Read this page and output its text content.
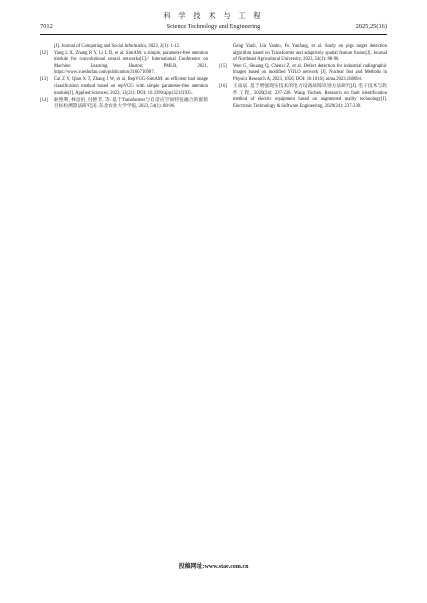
科 学 技 术 与 工 程
7012	Science Technology and Engineering	2025,25(16)
[J]. Journal of Computing and Social Informatics, 2023, 2(1): 1-12.
[12] Yang L X, Zhang R Y, Li L D, et al. SimAM: a simple, parameter-free attention module for convolutional neural networks[C]// International Conference on Machine Learning. Huston: PMLR, 2021, https://www.xueshufan.com/publication/3166716987.
[13] Cai Z Y, Qiao X T, Zhang J W, et al. RepVGG-SimAM: an efficient bad image classification method based on repVGG with simple parameter-free attention module[J]. Applied Sciences, 2023, 13(21): DOI: 10.3390/app132111925.
[14] 耿艳利, 林彦伯, 付艳芳, 等. 基于Transformer与自适应空间特征融合的群猪目标检测算法研究[J]. 东北农业大学学报, 2023, 54(1): 88-96.
Geng Yanli, Lin Yanbo, Fu Yanfang, et al. Study on pigs target detection algorithm based on Transformer and adaptively spatial feature fusion[J]. Journal of Northeast Agricultural University, 2023, 54(1): 88-96.
[15] Wen G, Shuang Q, Chenxi Z, et al. Defect detection for industrial radiographic images based on modified YOLO network [J]. Nuclear Inst and Methods in Physics Research A, 2023, 1056; DOI: 10.1016/j.nima.2023.168694.
[16] 王雨辰. 基于增强现实技术的电力设备故障识别方法研究[J]. 电子技术与软件工程, 2020(24): 237-238. Wang Yuchen. Research on fault identification method of electric equipment based on augmented reality technology[J]. Electronic Technology & Software Engineering, 2020(24): 237-238.
投稿网址:www.stae.com.cn
